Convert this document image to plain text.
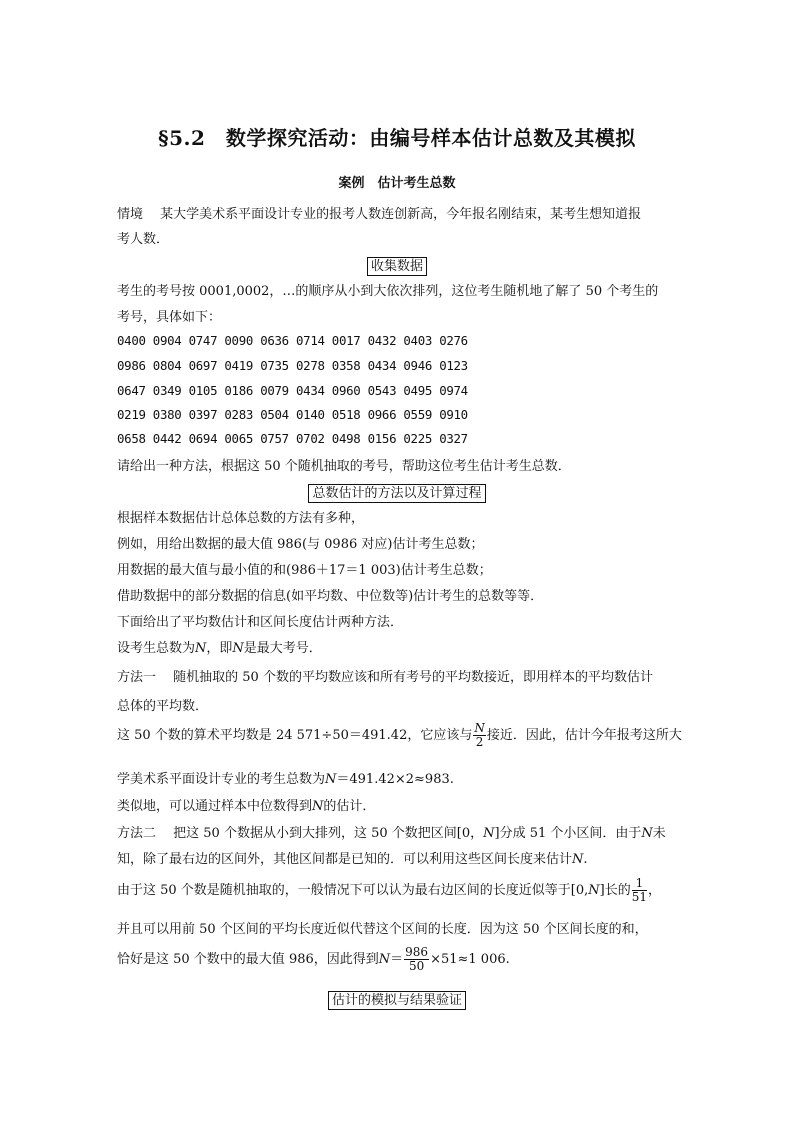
§5.2　数学探究活动：由编号样本估计总数及其模拟
案例　估计考生总数
情境　 某大学美术系平面设计专业的报考人数连创新高，今年报名刚结束，某考生想知道报
考人数．
收集数据
考生的考号按 0001,0002，…的顺序从小到大依次排列，这位考生随机地了解了 50 个考生的
考号，具体如下：
0400 0904 0747 0090 0636 0714 0017 0432 0403 0276
0986 0804 0697 0419 0735 0278 0358 0434 0946 0123
0647 0349 0105 0186 0079 0434 0960 0543 0495 0974
0219 0380 0397 0283 0504 0140 0518 0966 0559 0910
0658 0442 0694 0065 0757 0702 0498 0156 0225 0327
请给出一种方法，根据这 50 个随机抽取的考号，帮助这位考生估计考生总数．
总数估计的方法以及计算过程
根据样本数据估计总体总数的方法有多种，
例如，用给出数据的最大值 986(与 0986 对应)估计考生总数；
用数据的最大值与最小值的和(986＋17＝1 003)估计考生总数；
借助数据中的部分数据的信息(如平均数、中位数等)估计考生的总数等等．
下面给出了平均数估计和区间长度估计两种方法．
设考生总数为N，即N是最大考号．
方法一　 随机抽取的 50 个数的平均数应该和所有考号的平均数接近，即用样本的平均数估计
总体的平均数．
这 50 个数的算术平均数是 24 571÷50＝491.42，它应该与 $\frac{N}{2}$ 接近．因此，估计今年报考这所大
学美术系平面设计专业的考生总数为N＝491.42×2≈983.
类似地，可以通过样本中位数得到N的估计．
方法二　 把这 50 个数据从小到大排列，这 50 个数把区间[0，N]分成 51 个小区间．由于N未
知，除了最右边的区间外，其他区间都是已知的．可以利用这些区间长度来估计N.
由于这 50 个数是随机抽取的，一般情况下可以认为最右边区间的长度近似等于[0,N]长的 $\frac{1}{51}$ ，
并且可以用前 50 个区间的平均长度近似代替这个区间的长度．因为这 50 个区间长度的和，
恰好是这 50 个数中的最大值 986，因此得到$N= \frac{986}{50} \times 51\approx 1$ 006.
估计的模拟与结果验证
